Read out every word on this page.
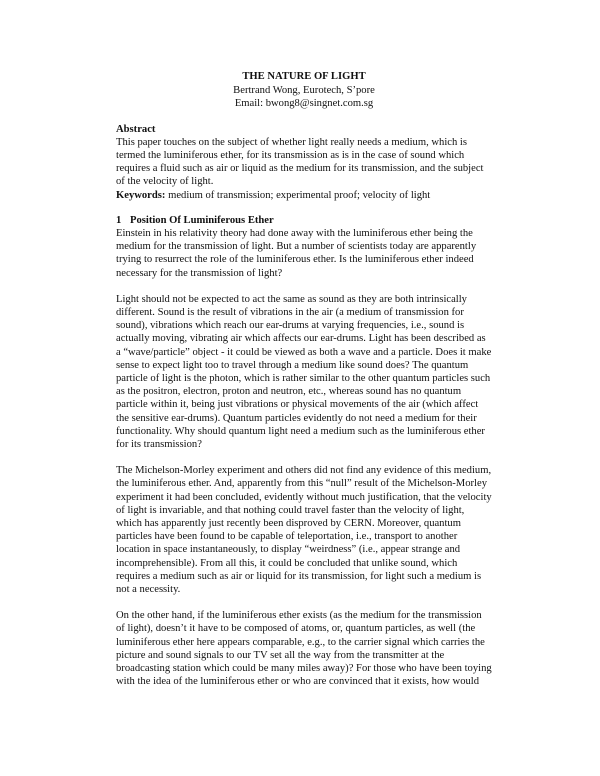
THE NATURE OF LIGHT
Bertrand Wong, Eurotech, S’pore
Email: bwong8@singnet.com.sg
Abstract

This paper touches on the subject of whether light really needs a medium, which is termed the luminiferous ether, for its transmission as is in the case of sound which requires a fluid such as air or liquid as the medium for its transmission, and the subject of the velocity of light.

Keywords: medium of transmission; experimental proof; velocity of light

1 Position Of Luminiferous Ether

Einstein in his relativity theory had done away with the luminiferous ether being the medium for the transmission of light. But a number of scientists today are apparently trying to resurrect the role of the luminiferous ether. Is the luminiferous ether indeed necessary for the transmission of light?

Light should not be expected to act the same as sound as they are both intrinsically different. Sound is the result of vibrations in the air (a medium of transmission for sound), vibrations which reach our ear-drums at varying frequencies, i.e., sound is actually moving, vibrating air which affects our ear-drums. Light has been described as a “wave/particle” object - it could be viewed as both a wave and a particle. Does it make sense to expect light too to travel through a medium like sound does? The quantum particle of light is the photon, which is rather similar to the other quantum particles such as the positron, electron, proton and neutron, etc., whereas sound has no quantum particle within it, being just vibrations or physical movements of the air (which affect the sensitive ear-drums). Quantum particles evidently do not need a medium for their functionality. Why should quantum light need a medium such as the luminiferous ether for its transmission?

The Michelson-Morley experiment and others did not find any evidence of this medium, the luminiferous ether. And, apparently from this “null” result of the Michelson-Morley experiment it had been concluded, evidently without much justification, that the velocity of light is invariable, and that nothing could travel faster than the velocity of light, which has apparently just recently been disproved by CERN. Moreover, quantum particles have been found to be capable of teleportation, i.e., transport to another location in space instantaneously, to display “weirdness” (i.e., appear strange and incomprehensible). From all this, it could be concluded that unlike sound, which requires a medium such as air or liquid for its transmission, for light such a medium is not a necessity.

On the other hand, if the luminiferous ether exists (as the medium for the transmission of light), doesn’t it have to be composed of atoms, or, quantum particles, as well (the luminiferous ether here appears comparable, e.g., to the carrier signal which carries the picture and sound signals to our TV set all the way from the transmitter at the broadcasting station which could be many miles away)? For those who have been toying with the idea of the luminiferous ether or who are convinced that it exists, how would
